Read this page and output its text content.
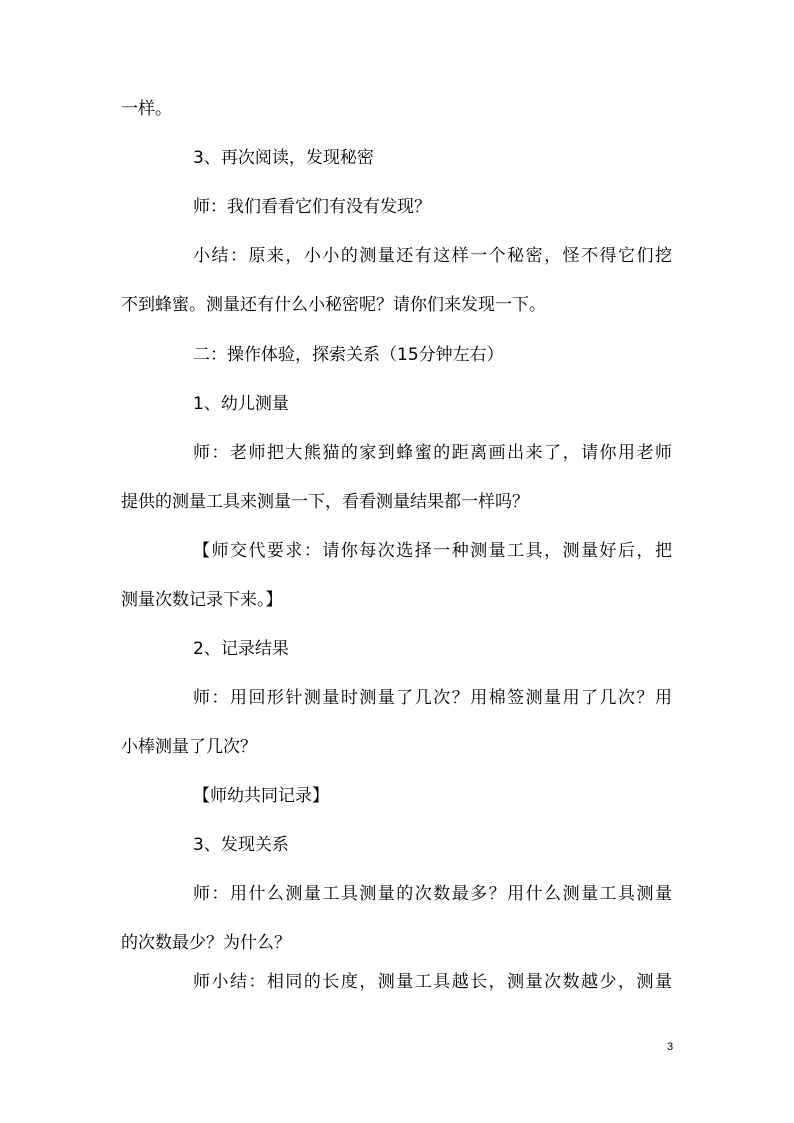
一样。
3、再次阅读，发现秘密
师：我们看看它们有没有发现？
小结：原来，小小的测量还有这样一个秘密，怪不得它们挖
不到蜂蜜。测量还有什么小秘密呢？请你们来发现一下。
二：操作体验，探索关系（15分钟左右）
1、幼儿测量
师：老师把大熊猫的家到蜂蜜的距离画出来了，请你用老师
提供的测量工具来测量一下，看看测量结果都一样吗？
【师交代要求：请你每次选择一种测量工具，测量好后，把
测量次数记录下来。】
2、记录结果
师：用回形针测量时测量了几次？用棉签测量用了几次？用
小棒测量了几次？
【师幼共同记录】
3、发现关系
师：用什么测量工具测量的次数最多？用什么测量工具测量
的次数最少？为什么？
师小结：相同的长度，测量工具越长，测量次数越少，测量
3
